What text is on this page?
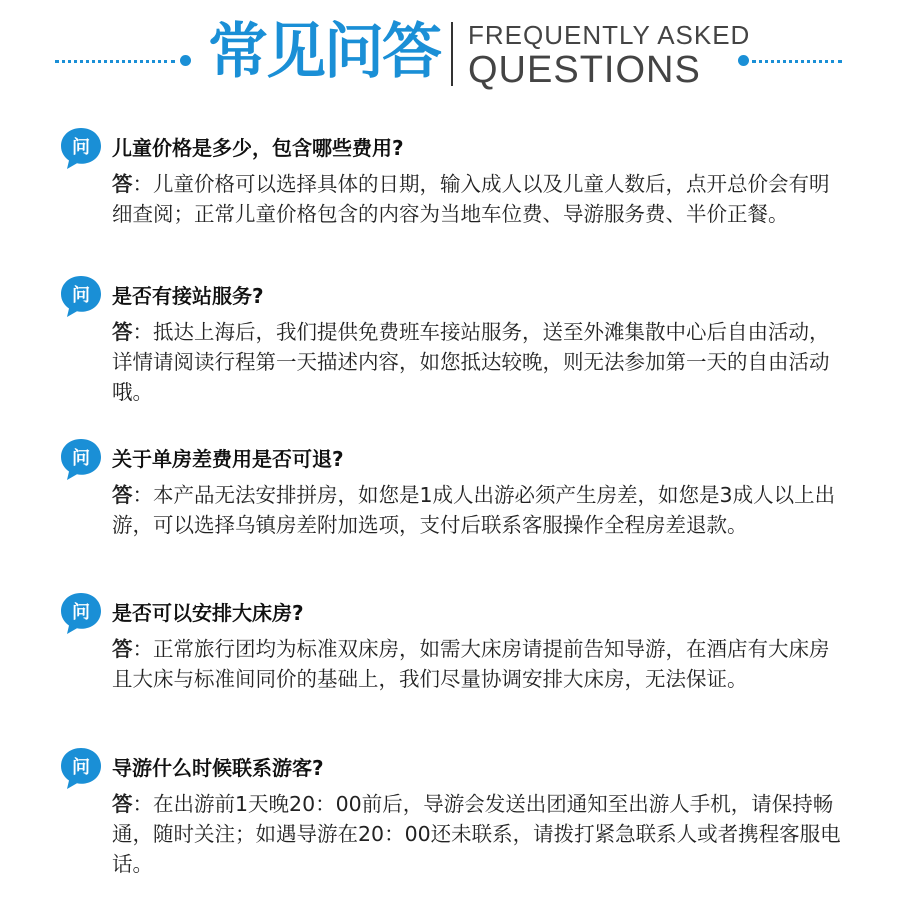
常见问答 FREQUENTLY ASKED
QUESTIONS
问 儿童价格是多少，包含哪些费用?
答：儿童价格可以选择具体的日期，输入成人以及儿童人数后，点开总价会有明细查阅；正常儿童价格包含的内容为当地车位费、导游服务费、半价正餐。
问 是否有接站服务?
答：抵达上海后，我们提供免费班车接站服务，送至外滩集散中心后自由活动，详情请阅读行程第一天描述内容，如您抵达较晚，则无法参加第一天的自由活动哦。
问 关于单房差费用是否可退?
答：本产品无法安排拼房，如您是1成人出游必须产生房差，如您是3成人以上出游，可以选择乌镇房差附加选项，支付后联系客服操作全程房差退款。
问 是否可以安排大床房?
答：正常旅行团均为标准双床房，如需大床房请提前告知导游，在酒店有大床房且大床与标准间同价的基础上，我们尽量协调安排大床房，无法保证。
问 导游什么时候联系游客?
答：在出游前1天晚20：00前后，导游会发送出团通知至出游人手机，请保持畅通，随时关注；如遇导游在20：00还未联系，请拨打紧急联系人或者携程客服电话。
